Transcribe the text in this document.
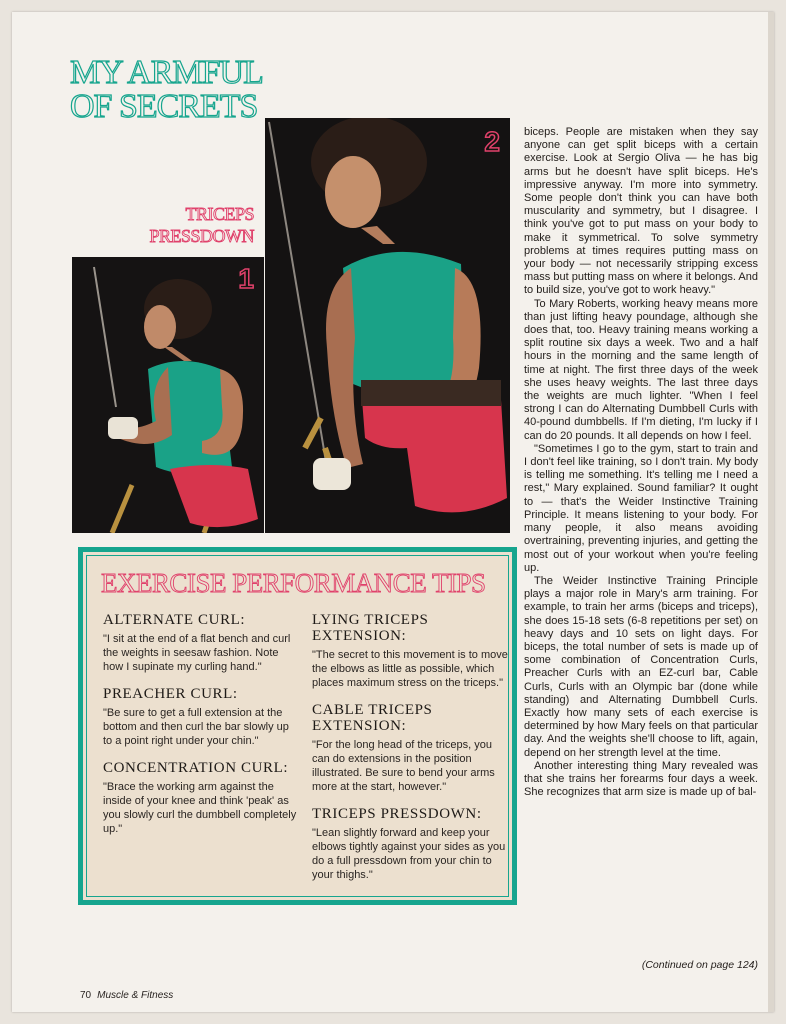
MY ARMFUL
OF SECRETS
TRICEPS
PRESSDOWN
1
2
EXERCISE PERFORMANCE TIPS
ALTERNATE CURL:
"I sit at the end of a flat bench and curl the weights in seesaw fashion. Note how I supinate my curling hand."
PREACHER CURL:
"Be sure to get a full extension at the bottom and then curl the bar slowly up to a point right under your chin."
CONCENTRATION CURL:
"Brace the working arm against the inside of your knee and think 'peak' as you slowly curl the dumbbell completely up."
LYING TRICEPS EXTENSION:
"The secret to this movement is to move the elbows as little as possible, which places maximum stress on the triceps."
CABLE TRICEPS EXTENSION:
"For the long head of the triceps, you can do extensions in the position illustrated. Be sure to bend your arms more at the start, however."
TRICEPS PRESSDOWN:
"Lean slightly forward and keep your elbows tightly against your sides as you do a full pressdown from your chin to your thighs."

biceps. People are mistaken when they say anyone can get split biceps with a certain exercise. Look at Sergio Oliva — he has big arms but he doesn't have split biceps. He's impressive anyway. I'm more into symmetry. Some people don't think you can have both muscularity and symmetry, but I disagree. I think you've got to put mass on your body to make it symmetrical. To solve symmetry problems at times requires putting mass on your body — not necessarily stripping excess mass but putting mass on where it belongs. And to build size, you've got to work heavy."

To Mary Roberts, working heavy means more than just lifting heavy poundage, although she does that, too. Heavy training means working a split routine six days a week. Two and a half hours in the morning and the same length of time at night. The first three days of the week she uses heavy weights. The last three days the weights are much lighter. "When I feel strong I can do Alternating Dumbbell Curls with 40-pound dumbbells. If I'm dieting, I'm lucky if I can do 20 pounds. It all depends on how I feel.

"Sometimes I go to the gym, start to train and I don't feel like training, so I don't train. My body is telling me something. It's telling me I need a rest," Mary explained. Sound familiar? It ought to — that's the Weider Instinctive Training Principle. It means listening to your body. For many people, it also means avoiding overtraining, preventing injuries, and getting the most out of your workout when you're feeling up.

The Weider Instinctive Training Principle plays a major role in Mary's arm training. For example, to train her arms (biceps and triceps), she does 15-18 sets (6-8 repetitions per set) on heavy days and 10 sets on light days. For biceps, the total number of sets is made up of some combination of Concentration Curls, Preacher Curls with an EZ-curl bar, Cable Curls, Curls with an Olympic bar (done while standing) and Alternating Dumbbell Curls. Exactly how many sets of each exercise is determined by how Mary feels on that particular day. And the weights she'll choose to lift, again, depend on her strength level at the time.

Another interesting thing Mary revealed was that she trains her forearms four days a week. She recognizes that arm size is made up of bal-

(Continued on page 124)
70 Muscle & Fitness
